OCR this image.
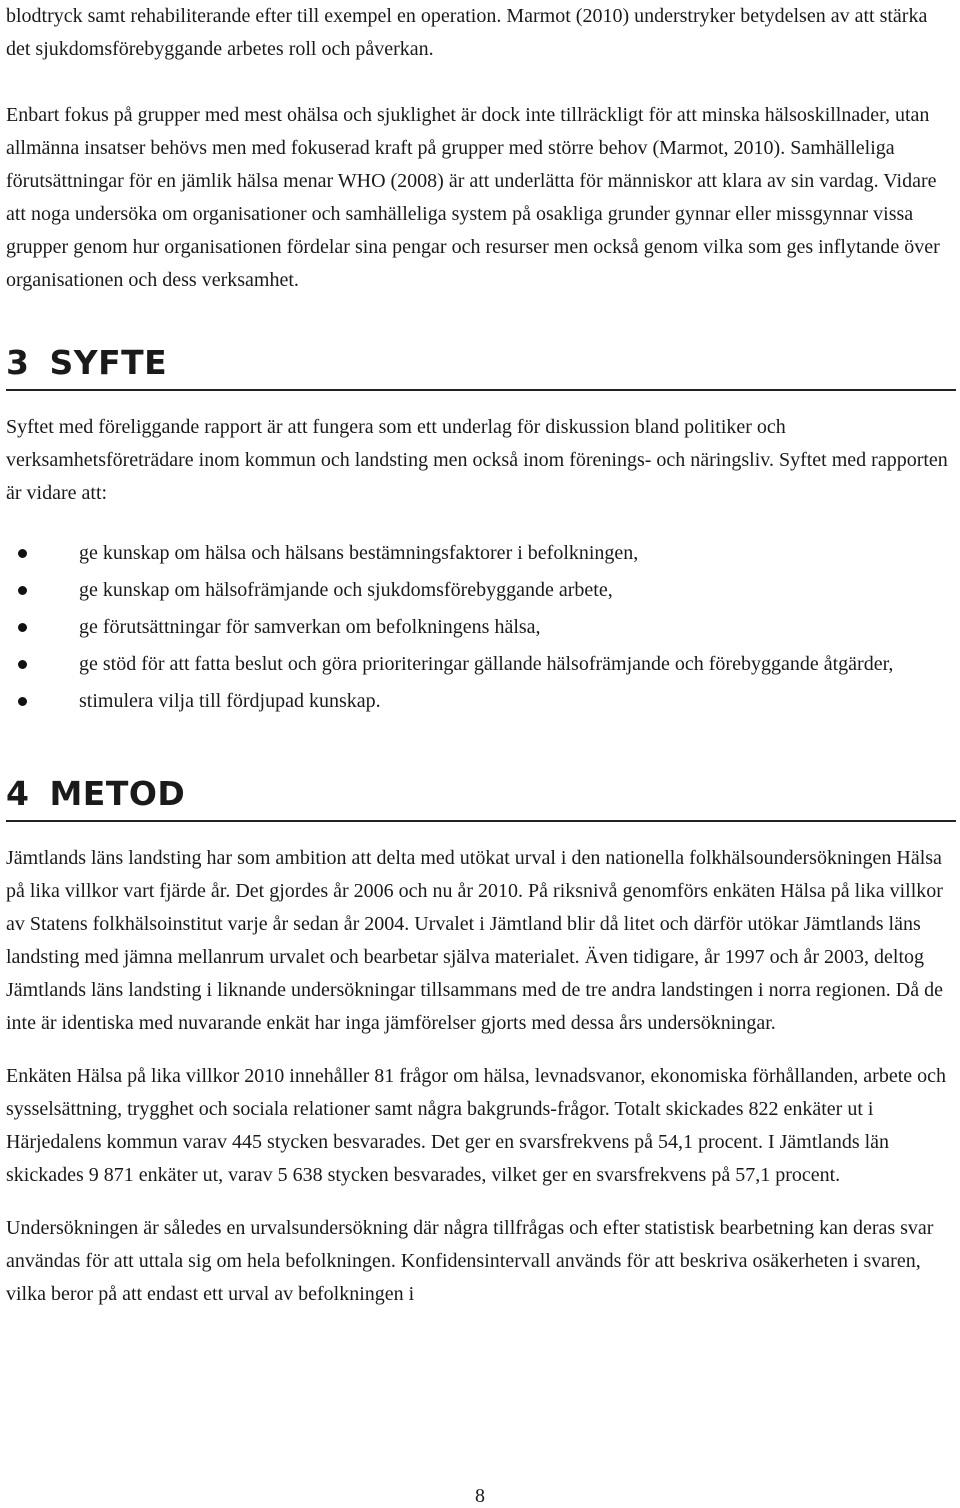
blodtryck samt rehabiliterande efter till exempel en operation. Marmot (2010) understryker betydelsen av att stärka det sjukdomsförebyggande arbetes roll och påverkan.

Enbart fokus på grupper med mest ohälsa och sjuklighet är dock inte tillräckligt för att minska hälsoskillnader, utan allmänna insatser behövs men med fokuserad kraft på grupper med större behov (Marmot, 2010). Samhälleliga förutsättningar för en jämlik hälsa menar WHO (2008) är att underlätta för människor att klara av sin vardag. Vidare att noga undersöka om organisationer och samhälleliga system på osakliga grunder gynnar eller missgynnar vissa grupper genom hur organisationen fördelar sina pengar och resurser men också genom vilka som ges inflytande över organisationen och dess verksamhet.

3 SYFTE

Syftet med föreliggande rapport är att fungera som ett underlag för diskussion bland politiker och verksamhetsföreträdare inom kommun och landsting men också inom förenings- och näringsliv. Syftet med rapporten är vidare att:

ge kunskap om hälsa och hälsans bestämningsfaktorer i befolkningen,
ge kunskap om hälsofrämjande och sjukdomsförebyggande arbete,
ge förutsättningar för samverkan om befolkningens hälsa,
ge stöd för att fatta beslut och göra prioriteringar gällande hälsofrämjande och förebyggande åtgärder,
stimulera vilja till fördjupad kunskap.
4 METOD

Jämtlands läns landsting har som ambition att delta med utökat urval i den nationella folkhälsoundersökningen Hälsa på lika villkor vart fjärde år. Det gjordes år 2006 och nu år 2010. På riksnivå genomförs enkäten Hälsa på lika villkor av Statens folkhälsoinstitut varje år sedan år 2004. Urvalet i Jämtland blir då litet och därför utökar Jämtlands läns landsting med jämna mellanrum urvalet och bearbetar själva materialet. Även tidigare, år 1997 och år 2003, deltog Jämtlands läns landsting i liknande undersökningar tillsammans med de tre andra landstingen i norra regionen. Då de inte är identiska med nuvarande enkät har inga jämförelser gjorts med dessa års undersökningar.

Enkäten Hälsa på lika villkor 2010 innehåller 81 frågor om hälsa, levnadsvanor, ekonomiska förhållanden, arbete och sysselsättning, trygghet och sociala relationer samt några bakgrunds-frågor. Totalt skickades 822 enkäter ut i Härjedalens kommun varav 445 stycken besvarades. Det ger en svarsfrekvens på 54,1 procent. I Jämtlands län skickades 9 871 enkäter ut, varav 5 638 stycken besvarades, vilket ger en svarsfrekvens på 57,1 procent.

Undersökningen är således en urvalsundersökning där några tillfrågas och efter statistisk bearbetning kan deras svar användas för att uttala sig om hela befolkningen. Konfidensintervall används för att beskriva osäkerheten i svaren, vilka beror på att endast ett urval av befolkningen i

8
